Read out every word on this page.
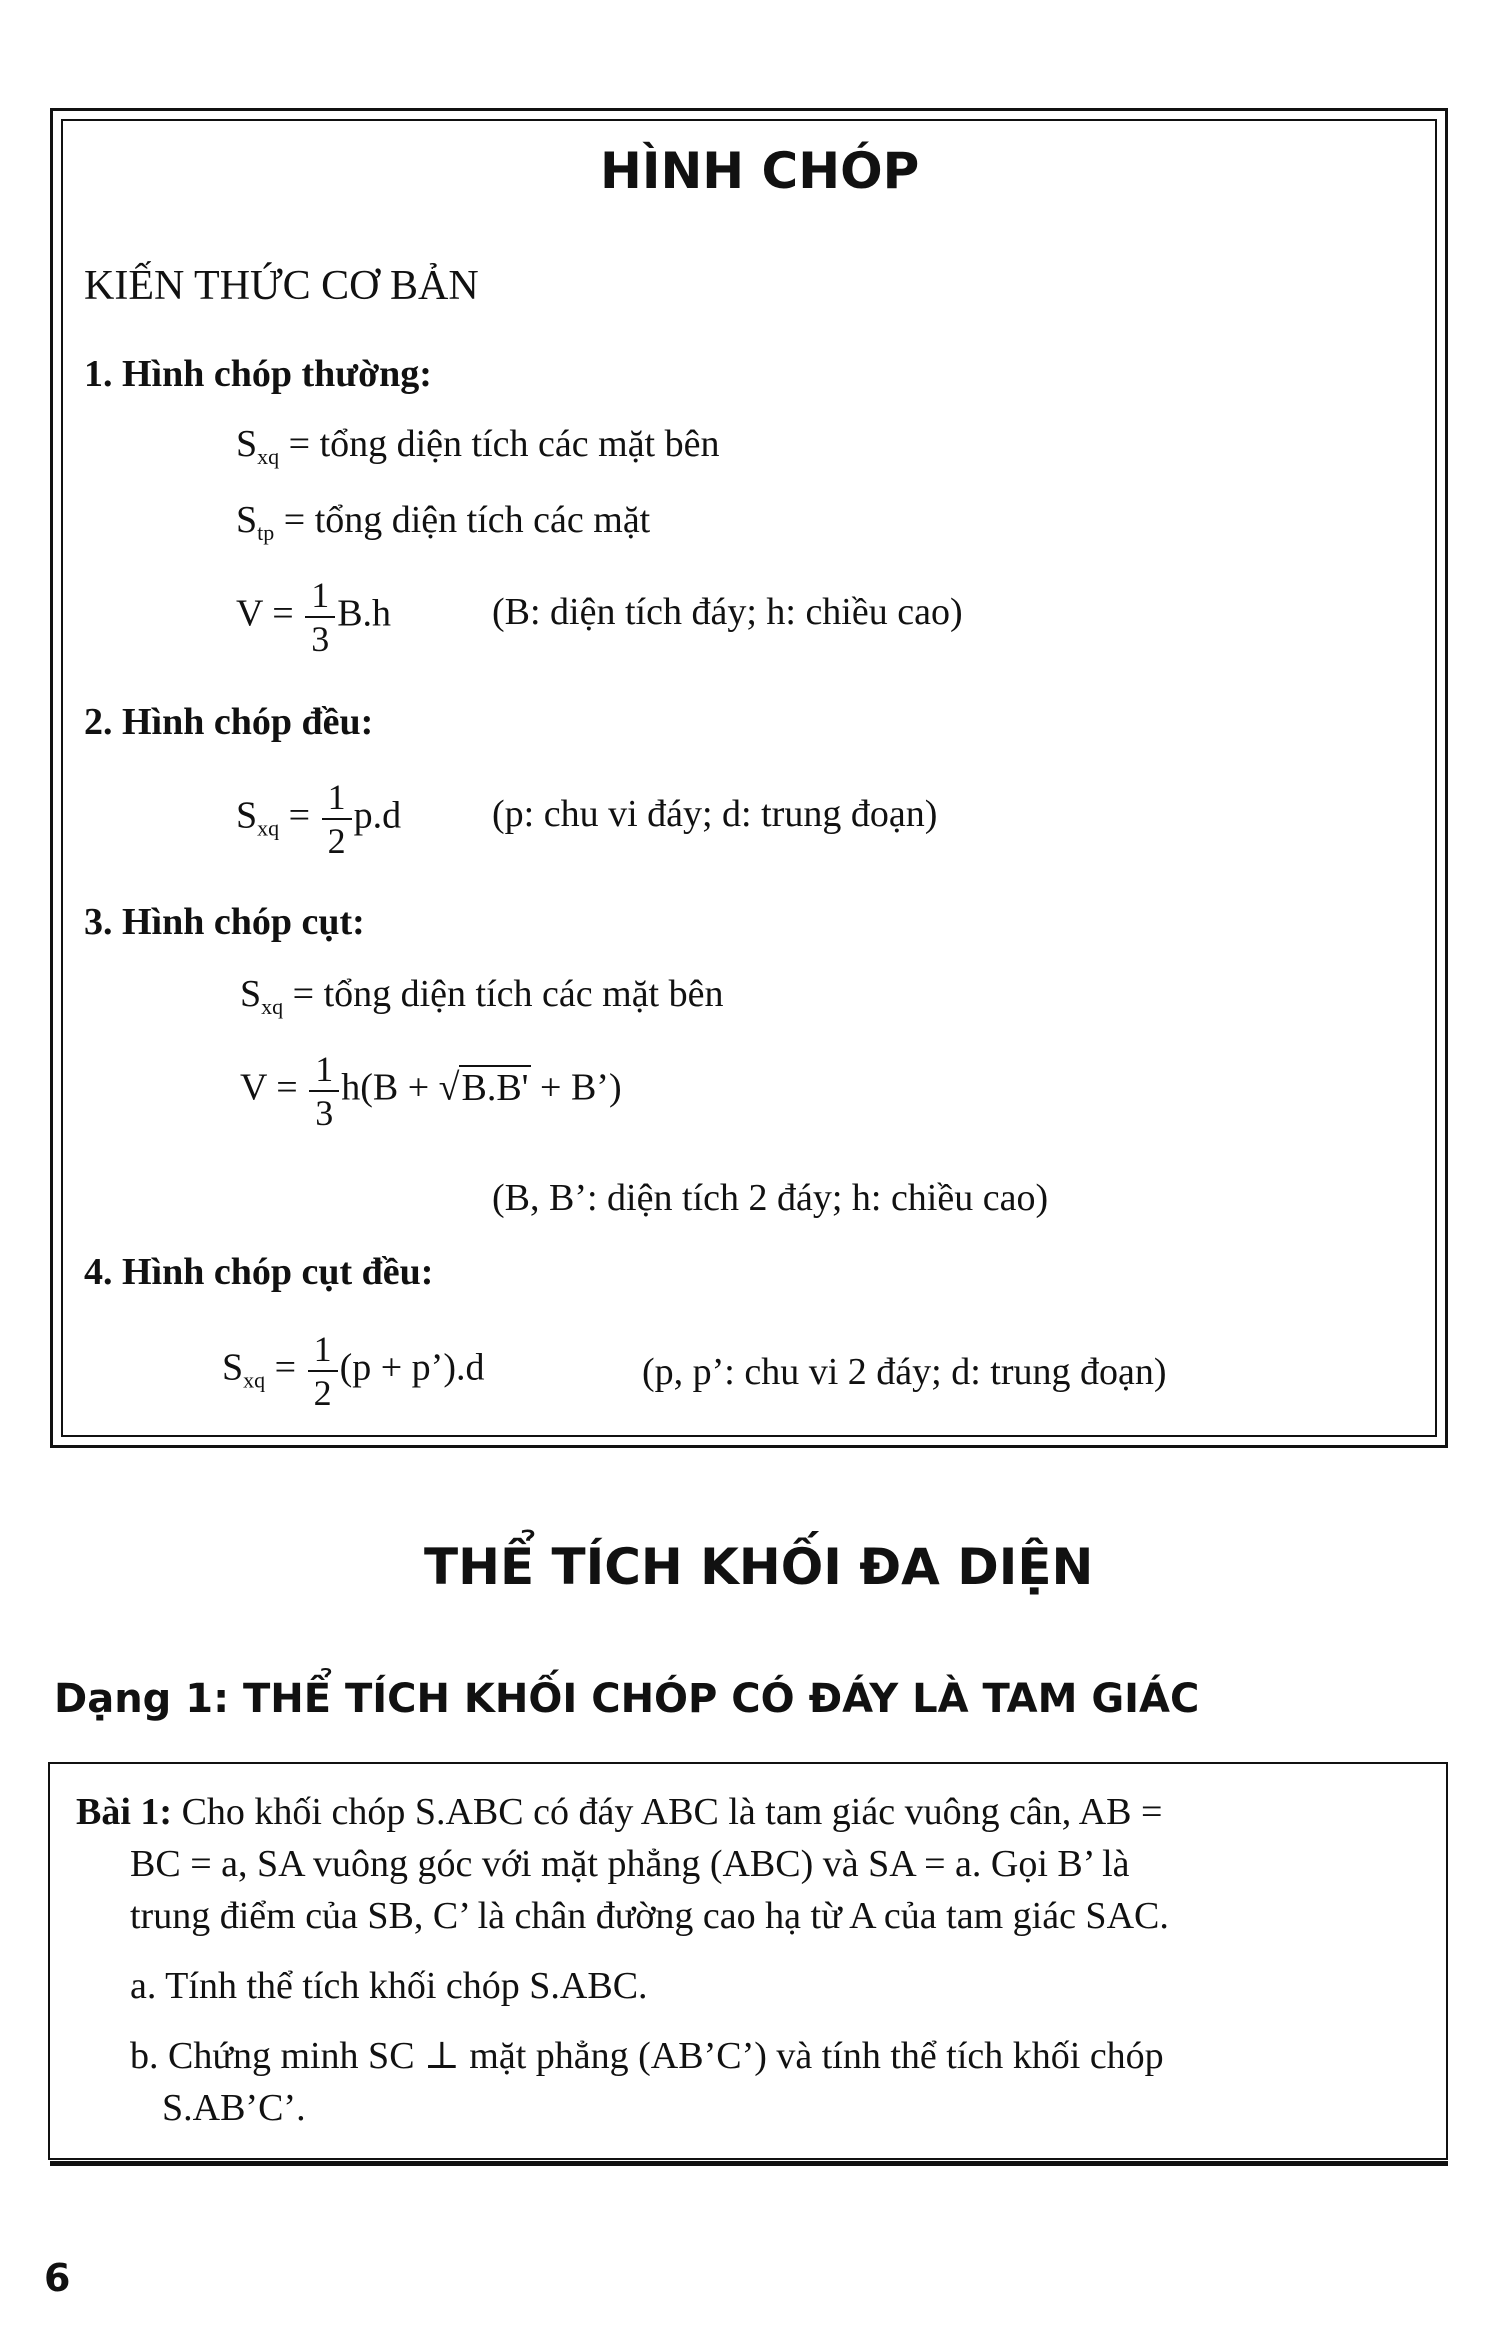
HÌNH CHÓP
KIẾN THỨC CƠ BẢN
1. Hình chóp thường:
$S_{xq}$ = tổng diện tích các mặt bên
$S_{tp}$ = tổng diện tích các mặt
$V = \frac{1}{3} B.h$	(B: diện tích đáy; h: chiều cao)
2. Hình chóp đều:
$S_{xq} = \frac{1}{2} p.d$ (p: chu vi đáy; d: trung đoạn)
3. Hình chóp cụt:
$S_{xq}$ = tổng diện tích các mặt bên
$V = \frac{1}{3} h(B + √B.B'$ + B’)
(B, B’: diện tích 2 đáy; h: chiều cao)
4. Hình chóp cụt đều:
$S_{xq} = \frac{1}{2} (p$ + p’).d	(p, p’: chu vi 2 đáy; d: trung đoạn)
THỂ TÍCH KHỐI ĐA DIỆN
Dạng 1: THỂ TÍCH KHỐI CHÓP CÓ ĐÁY LÀ TAM GIÁC
Bài 1: Cho khối chóp S.ABC có đáy ABC là tam giác vuông cân, AB =
BC = a, SA vuông góc với mặt phẳng (ABC) và SA = a. Gọi B’ là
trung điểm của SB, C’ là chân đường cao hạ từ A của tam giác SAC.
a. Tính thể tích khối chóp S.ABC.
b. Chứng minh SC ⊥ mặt phẳng (AB’C’) và tính thể tích khối chóp
S.AB’C’.
6
